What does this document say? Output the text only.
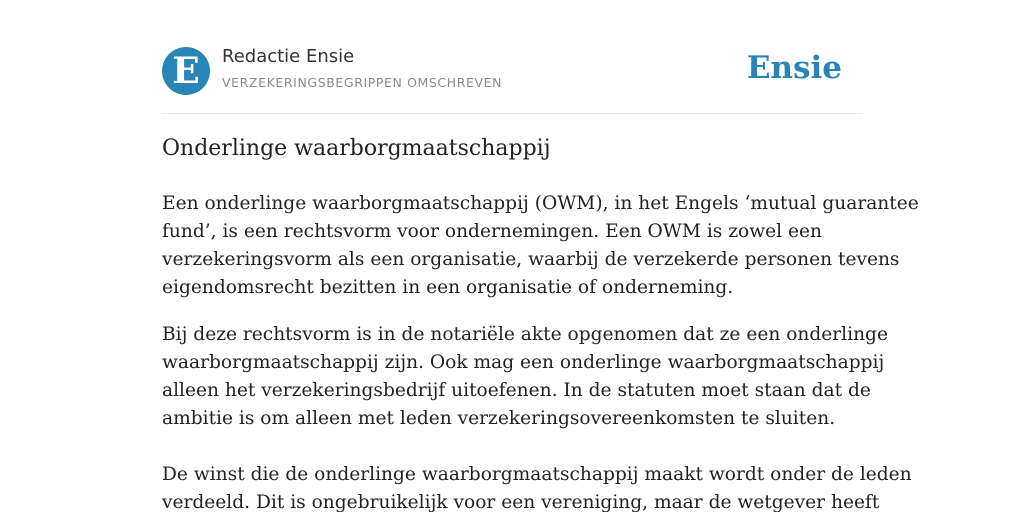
E	Redactie Ensie
VERZEKERINGSBEGRIPPEN OMSCHREVEN	Ensie
Onderlinge waarborgmaatschappij

Een onderlinge waarborgmaatschappij (OWM), in het Engels ‘mutual guarantee
fund’, is een rechtsvorm voor ondernemingen. Een OWM is zowel een
verzekeringsvorm als een organisatie, waarbij de verzekerde personen tevens
eigendomsrecht bezitten in een organisatie of onderneming.

Bij deze rechtsvorm is in de notariële akte opgenomen dat ze een onderlinge
waarborgmaatschappij zijn. Ook mag een onderlinge waarborgmaatschappij
alleen het verzekeringsbedrijf uitoefenen. In de statuten moet staan dat de
ambitie is om alleen met leden verzekeringsovereenkomsten te sluiten.

De winst die de onderlinge waarborgmaatschappij maakt wordt onder de leden
verdeeld. Dit is ongebruikelijk voor een vereniging, maar de wetgever heeft
